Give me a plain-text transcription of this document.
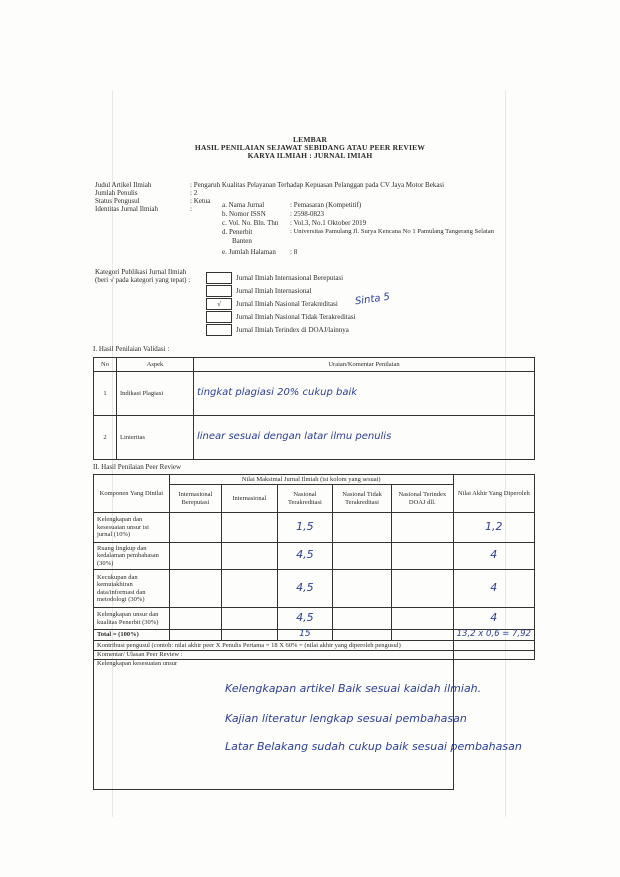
LEMBAR
HASIL PENILAIAN SEJAWAT SEBIDANG ATAU PEER REVIEW
KARYA ILMIAH : JURNAL IMIAH
Judul Artikel Ilmiah	: Pengaruh Kualitas Pelayanan Terhadap Kepuasan Pelanggan pada CV Jaya Motor Bekasi
Jumlah Penulis	: 2
Status Pengusul	: Ketua
Identitas Jurnal Ilmiah	:	a. Nama Jurnal	: Pemasaran (Kompetitif)
b. Nomor ISSN	: 2598-0823
c. Vol. No. Bln. Thn : Vol.3, No.1 Oktober 2019
d. Penerbit	: Universitas Pamulang Jl. Surya Kencana No 1 Pamulang Tangerang Selatan
Banten
e. Jumlah Halaman : 8
Kategori Publikasi Jurnal Ilmiah
(beri √ pada kategori yang tepat) :	Jurnal Ilmiah Internasional Bereputasi
Jurnal Ilmiah Internasional
√	Jurnal Ilmiah Nasional Terakreditasi
Jurnal Ilmiah Nasional Tidak Terakreditasi
Jurnal Ilmiah Terindex di DOAJ/lainnya
Sinta 5
I. Hasil Penilaian Validasi :
No	Aspek	Uraian/Komentar Penilaian
1	Indikasi Plagiasi	tingkat plagiasi 20% cukup baik
2	Linieritas	linear sesuai dengan latar ilmu penulis
II. Hasil Penilaian Peer Review
Komponen Yang Dinilai	Nilai Maksimal Jurnal Ilmiah (isi kolom yang sesuai)					Nilai Akhir Yang Diperoleh
	Internasional Bereputasi	Internasional	Nasional Terakreditasi	Nasional Tidak Terakreditasi	Nasional Terindex DOAJ dll.	
Kelengkapan dan kesesuaian unsur isi jurnal (10%)			1,5			1,2
Ruang lingkup dan kedalaman pembahasan (30%)			4,5			4
Kecukupan dan kemutakhiran data/informasi dan metodologi (30%)			4,5			4
Kelengkapan unsur dan kualitas Penerbit (30%)			4,5			4
Total = (100%)			15			13,2 x 0,6 = 7,92
Kontribusi pengusul (contoh: nilai akhir peer X Penulis Pertama = 18 X 60% = (nilai akhir yang diperoleh pengusul)						
Komentar/ Ulasan Peer Review :						

Kelengkapan kesesuaian unsur						

Kelengkapan artikel Baik sesuai kaidah ilmiah.
Kajian literatur lengkap sesuai pembahasan
Latar Belakang sudah cukup baik sesuai pembahasan
